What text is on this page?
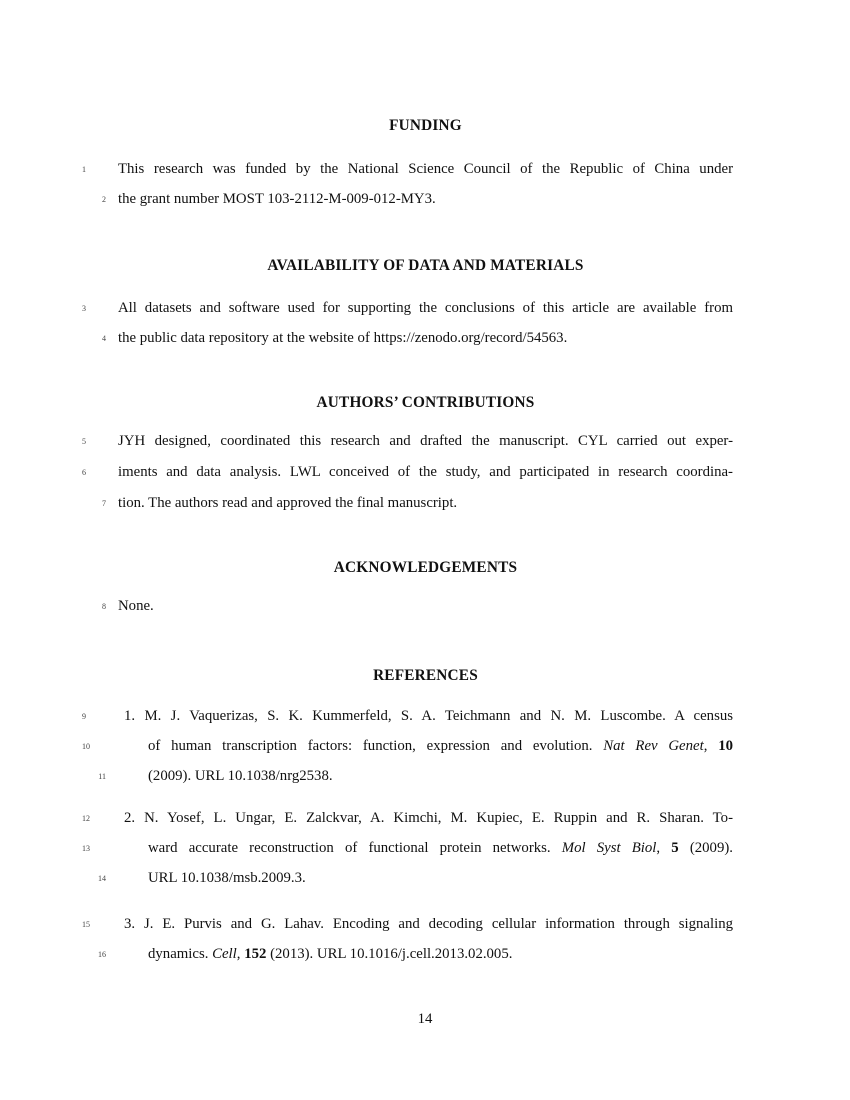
FUNDING
1	This research was funded by the National Science Council of the Republic of China under
2 the grant number MOST 103-2112-M-009-012-MY3.
AVAILABILITY OF DATA AND MATERIALS
3	All datasets and software used for supporting the conclusions of this article are available from
4 the public data repository at the website of https://zenodo.org/record/54563.
AUTHORS’ CONTRIBUTIONS
5	JYH designed, coordinated this research and drafted the manuscript. CYL carried out exper-
6	iments and data analysis. LWL conceived of the study, and participated in research coordina-
7 tion. The authors read and approved the final manuscript.
ACKNOWLEDGEMENTS
8 None.
REFERENCES
9	1. M. J. Vaquerizas, S. K. Kummerfeld, S. A. Teichmann and N. M. Luscombe. A census
10	of human transcription factors: function, expression and evolution. Nat Rev Genet, 10
11	(2009). URL 10.1038/nrg2538.
12	2. N. Yosef, L. Ungar, E. Zalckvar, A. Kimchi, M. Kupiec, E. Ruppin and R. Sharan. To-
13	ward accurate reconstruction of functional protein networks. Mol Syst Biol, 5 (2009).
14	URL 10.1038/msb.2009.3.
15	3. J. E. Purvis and G. Lahav. Encoding and decoding cellular information through signaling
16	dynamics. Cell, 152 (2013). URL 10.1016/j.cell.2013.02.005.
14
